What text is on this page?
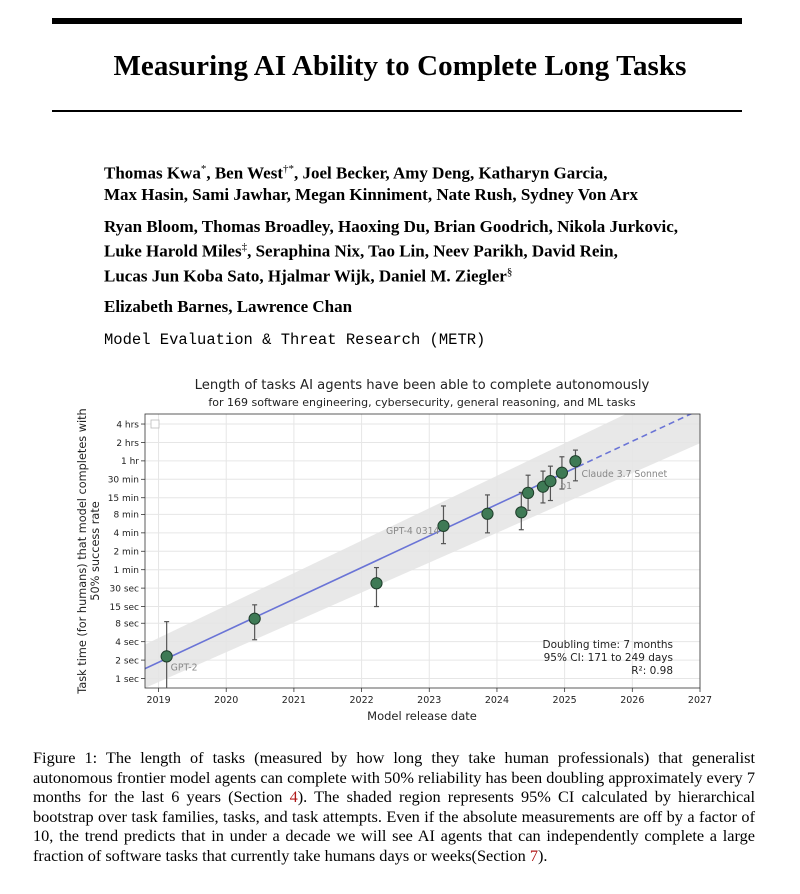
Measuring AI Ability to Complete Long Tasks
Thomas Kwa*, Ben West†*, Joel Becker, Amy Deng, Katharyn Garcia,
Max Hasin, Sami Jawhar, Megan Kinniment, Nate Rush, Sydney Von Arx
Ryan Bloom, Thomas Broadley, Haoxing Du, Brian Goodrich, Nikola Jurkovic,
Luke Harold Miles‡, Seraphina Nix, Tao Lin, Neev Parikh, David Rein,
Lucas Jun Koba Sato, Hjalmar Wijk, Daniel M. Ziegler§
Elizabeth Barnes, Lawrence Chan
Model Evaluation & Threat Research (METR)
Length of tasks AI agents have been able to complete autonomously
for 169 software engineering, cybersecurity, general reasoning, and ML tasks
1 sec
2 sec
4 sec
8 sec
15 sec
30 sec
1 min
2 min
4 min
8 min
15 min
30 min
1 hr
2 hrs
4 hrs
2019	2020	2021	2022	2023	2024	2025	2026	2027
Model release date
Task time (for humans) that model completes with50% success rate
GPT-2
GPT-4 0314
o1
Claude 3.7 Sonnet
Doubling time: 7 months
95% CI: 171 to 249 days
R²: 0.98
Figure 1: The length of tasks (measured by how long they take human professionals) that generalist autonomous frontier model agents can complete with 50% reliability has been doubling approximately every 7 months for the last 6 years (Section 4). The shaded region represents 95% CI calculated by hierarchical bootstrap over task families, tasks, and task attempts. Even if the absolute measurements are off by a factor of 10, the trend predicts that in under a decade we will see AI agents that can independently complete a large fraction of software tasks that currently take humans days or weeks(Section 7).
